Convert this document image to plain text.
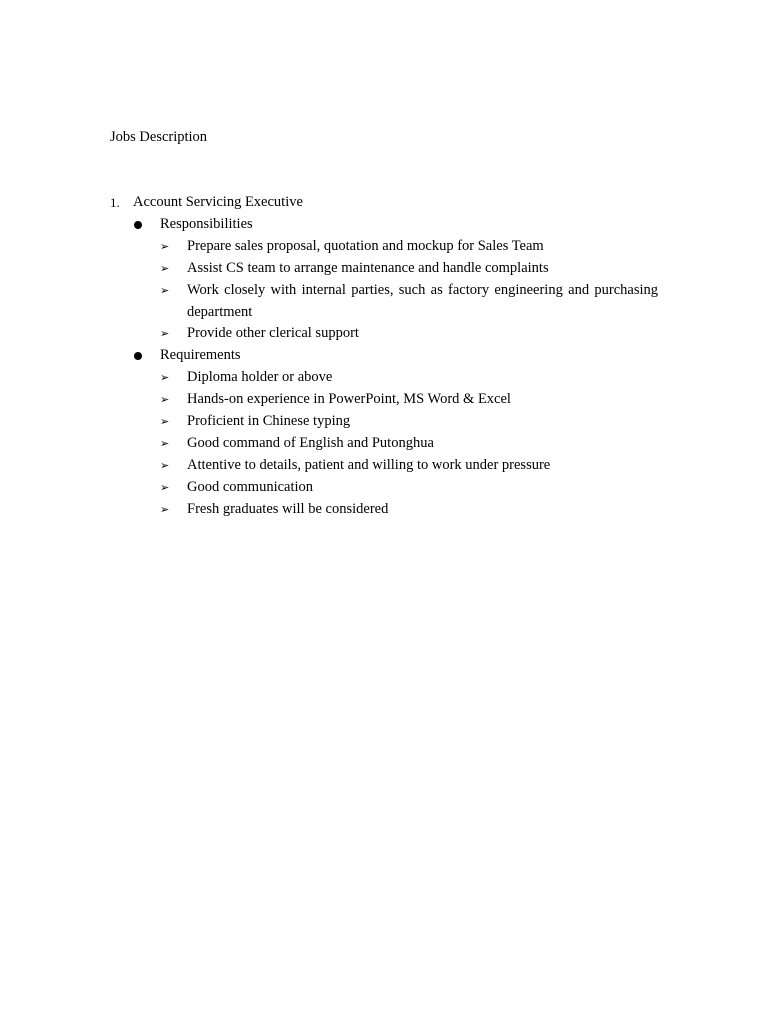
Jobs Description
1. Account Servicing Executive
Responsibilities
➢ Prepare sales proposal, quotation and mockup for Sales Team
➢ Assist CS team to arrange maintenance and handle complaints
➢ Work closely with internal parties, such as factory engineering and purchasing department
➢ Provide other clerical support
Requirements
➢ Diploma holder or above
➢ Hands-on experience in PowerPoint, MS Word & Excel
➢ Proficient in Chinese typing
➢ Good command of English and Putonghua
➢ Attentive to details, patient and willing to work under pressure
➢ Good communication
➢ Fresh graduates will be considered
